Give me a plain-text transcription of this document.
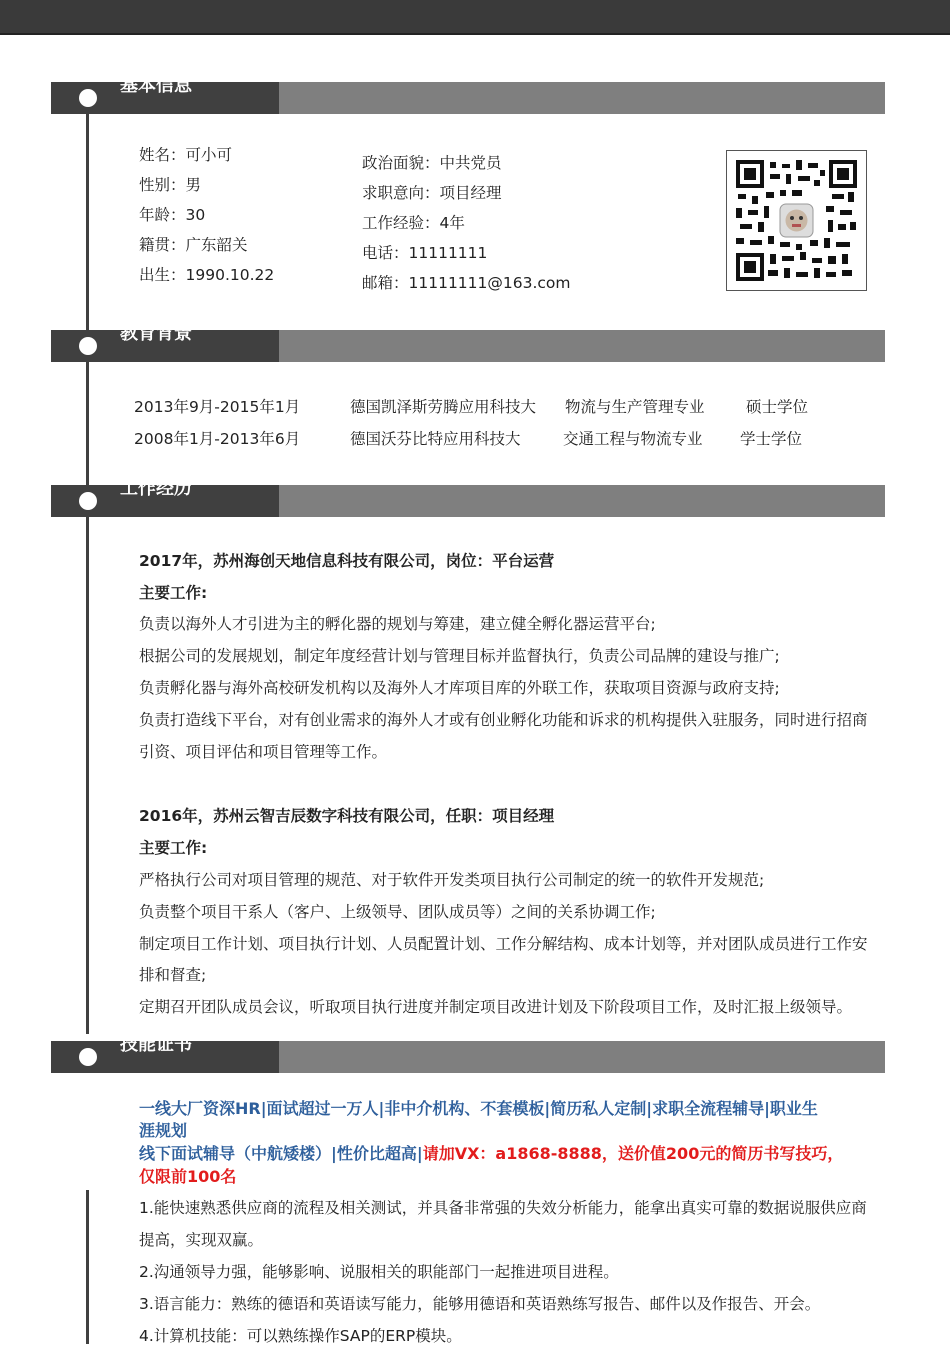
基本信息
姓名：可小可
性别：男
年龄：30
籍贯：广东韶关
出生：1990.10.22
政治面貌：中共党员
求职意向：项目经理
工作经验：4年
电话：11111111
邮箱：11111111@163.com
教育背景
2013年9月-2015年1月	德国凯泽斯劳腾应用科技大 物流与生产管理专业	硕士学位
2008年1月-2013年6月	德国沃芬比特应用科技大	交通工程与物流专业 学士学位
工作经历
2017年，苏州海创天地信息科技有限公司，岗位：平台运营
主要工作:
负责以海外人才引进为主的孵化器的规划与筹建，建立健全孵化器运营平台;
根据公司的发展规划，制定年度经营计划与管理目标并监督执行，负责公司品牌的建设与推广;
负责孵化器与海外高校研发机构以及海外人才库项目库的外联工作，获取项目资源与政府支持;
负责打造线下平台，对有创业需求的海外人才或有创业孵化功能和诉求的机构提供入驻服务，同时进行招商
引资、项目评估和项目管理等工作。
2016年，苏州云智吉辰数字科技有限公司，任职：项目经理
主要工作:
严格执行公司对项目管理的规范、对于软件开发类项目执行公司制定的统一的软件开发规范;
负责整个项目干系人（客户、上级领导、团队成员等）之间的关系协调工作;
制定项目工作计划、项目执行计划、人员配置计划、工作分解结构、成本计划等，并对团队成员进行工作安
排和督查;
定期召开团队成员会议，听取项目执行进度并制定项目改进计划及下阶段项目工作，及时汇报上级领导。
技能证书
一线大厂资深HR|面试超过一万人|非中介机构、不套模板|简历私人定制|求职全流程辅导|职业生
涯规划
线下面试辅导（中航矮楼）|性价比超高|请加VX：a1868-8888，送价值200元的简历书写技巧，
仅限前100名
1.能快速熟悉供应商的流程及相关测试，并具备非常强的失效分析能力，能拿出真实可靠的数据说服供应商
提高，实现双赢。
2.沟通领导力强，能够影响、说服相关的职能部门一起推进项目进程。
3.语言能力：熟练的德语和英语读写能力，能够用德语和英语熟练写报告、邮件以及作报告、开会。
4.计算机技能：可以熟练操作SAP的ERP模块。
